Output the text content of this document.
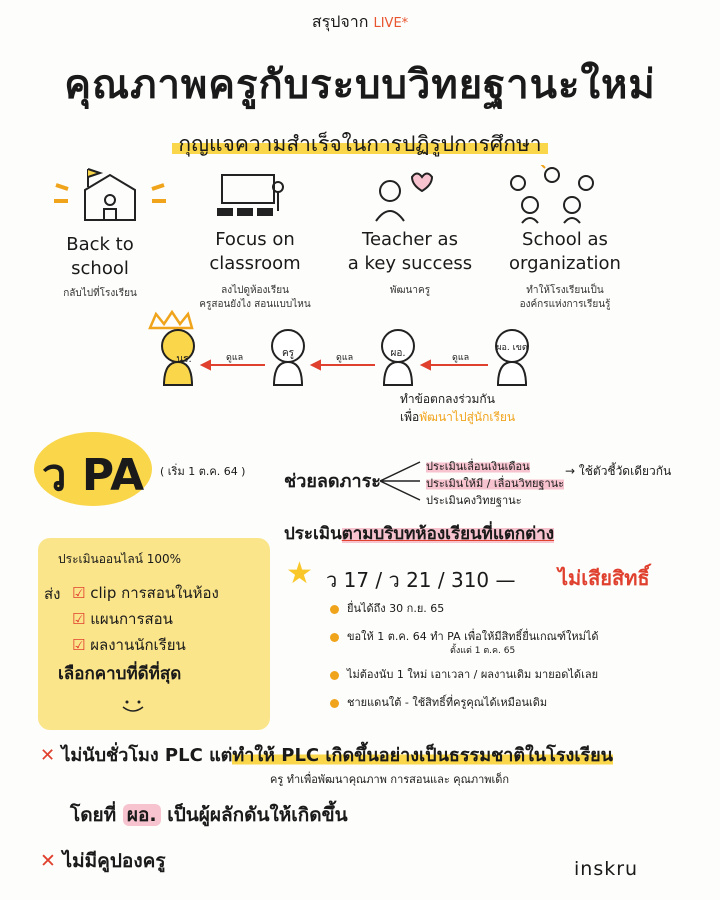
สรุปจาก LIVE*
คุณภาพครูกับระบบวิทยฐานะใหม่
กุญแจความสำเร็จในการปฏิรูปการศึกษา
Back to
school
กลับไปที่โรงเรียน
Focus on
classroom
ลงไปดูห้องเรียน
ครูสอนยังไง สอนแบบไหน
Teacher as
a key success
พัฒนาครู
School as
organization
ทำให้โรงเรียนเป็น
องค์กรแห่งการเรียนรู้
นร.
ครู	ผอ.	ผอ. เขต
ดูแล	ดูแล	ดูแล
ทำข้อตกลงร่วมกัน
เพื่อพัฒนาไปสู่นักเรียน
ว PA	( เริ่ม 1 ต.ค. 64 ) ช่วยลดภาระ
ประเมินเลื่อนเงินเดือน
ประเมินให้มี / เลื่อนวิทยฐานะ
ประเมินคงวิทยฐานะ
→ ใช้ตัวชี้วัดเดียวกัน
ประเมินตามบริบทห้องเรียนที่แตกต่าง
ประเมินออนไลน์ 100%
ส่ง ☑ clip การสอนในห้อง
☑ แผนการสอน
☑ ผลงานนักเรียน
เลือกคาบที่ดีที่สุด
★ ว 17 / ว 21 / 310 — ไม่เสียสิทธิ์
ยื่นได้ถึง 30 ก.ย. 65
ขอให้ 1 ต.ค. 64 ทำ PA เพื่อให้มีสิทธิ์ยื่นเกณฑ์ใหม่ได้
ตั้งแต่ 1 ต.ค. 65
ไม่ต้องนับ 1 ใหม่ เอาเวลา / ผลงานเดิม มายอดได้เลย
ชายแดนใต้ - ใช้สิทธิ์ที่ครูคุณได้เหมือนเดิม
✕ ไม่นับชั่วโมง PLC แต่ทำให้ PLC เกิดขึ้นอย่างเป็นธรรมชาติในโรงเรียน
ครู ทำเพื่อพัฒนาคุณภาพ การสอนและ คุณภาพเด็ก
โดยที่ ผอ. เป็นผู้ผลักดันให้เกิดขึ้น
✕ ไม่มีคูปองครู	inskru
